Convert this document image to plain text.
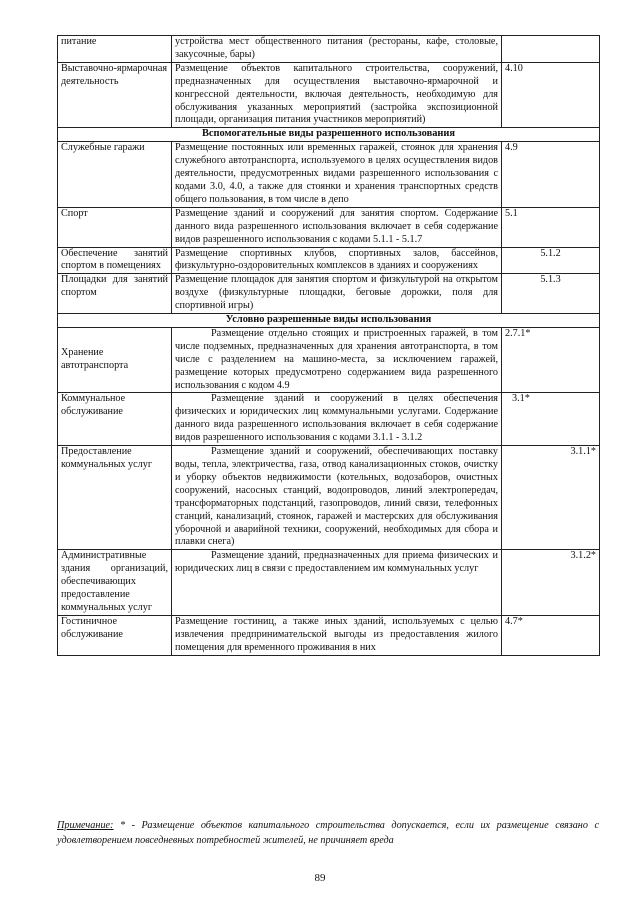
питание	устройства мест общественного питания (рестораны, кафе, столовые, закусочные, бары)	
Выставочно-ярмарочная деятельность	Размещение объектов капитального строительства, сооружений, предназначенных для осуществления выставочно-ярмарочной и конгрессной деятельности, включая деятельность, необходимую для обслуживания указанных мероприятий (застройка экспозиционной площади, организация питания участников мероприятий)	4.10
Вспомогательные виды разрешенного использования		
Служебные гаражи	Размещение постоянных или временных гаражей, стоянок для хранения служебного автотранспорта, используемого в целях осуществления видов деятельности, предусмотренных видами разрешенного использования с кодами 3.0, 4.0, а также для стоянки и хранения транспортных средств общего пользования, в том числе в депо	4.9
Спорт	Размещение зданий и сооружений для занятия спортом. Содержание данного вида разрешенного использования включает в себя содержание видов разрешенного использования с кодами 5.1.1 - 5.1.7	5.1
Обеспечение занятий спортом в помещениях	Размещение спортивных клубов, спортивных залов, бассейнов, физкультурно-оздоровительных комплексов в зданиях и сооружениях	5.1.2
Площадки для занятий спортом	Размещение площадок для занятия спортом и физкультурой на открытом воздухе (физкультурные площадки, беговые дорожки, поля для спортивной игры)	5.1.3
Условно разрешенные виды использования		
Хранение автотранспорта	Размещение отдельно стоящих и пристроенных гаражей, в том числе подземных, предназначенных для хранения автотранспорта, в том числе с разделением на машино-места, за исключением гаражей, размещение которых предусмотрено содержанием вида разрешенного использования с кодом 4.9	2.7.1*
Коммунальное обслуживание	Размещение зданий и сооружений в целях обеспечения физических и юридических лиц коммунальными услугами. Содержание данного вида разрешенного использования включает в себя содержание видов разрешенного использования с кодами 3.1.1 - 3.1.2	3.1*
Предоставление коммунальных услуг	Размещение зданий и сооружений, обеспечивающих поставку воды, тепла, электричества, газа, отвод канализационных стоков, очистку и уборку объектов недвижимости (котельных, водозаборов, очистных сооружений, насосных станций, водопроводов, линий электропередач, трансформаторных подстанций, газопроводов, линий связи, телефонных станций, канализаций, стоянок, гаражей и мастерских для обслуживания уборочной и аварийной техники, сооружений, необходимых для сбора и плавки снега)	3.1.1*
Административные здания организаций, обеспечивающих предоставление коммунальных услуг	Размещение зданий, предназначенных для приема физических и юридических лиц в связи с предоставлением им коммунальных услуг	3.1.2*
Гостиничное обслуживание	Размещение гостиниц, а также иных зданий, используемых с целью извлечения предпринимательской выгоды из предоставления жилого помещения для временного проживания в них	4.7*
Примечание: * - Размещение объектов капитального строительства допускается, если их размещение связано с удовлетворением повседневных потребностей жителей, не причиняет вреда
89
